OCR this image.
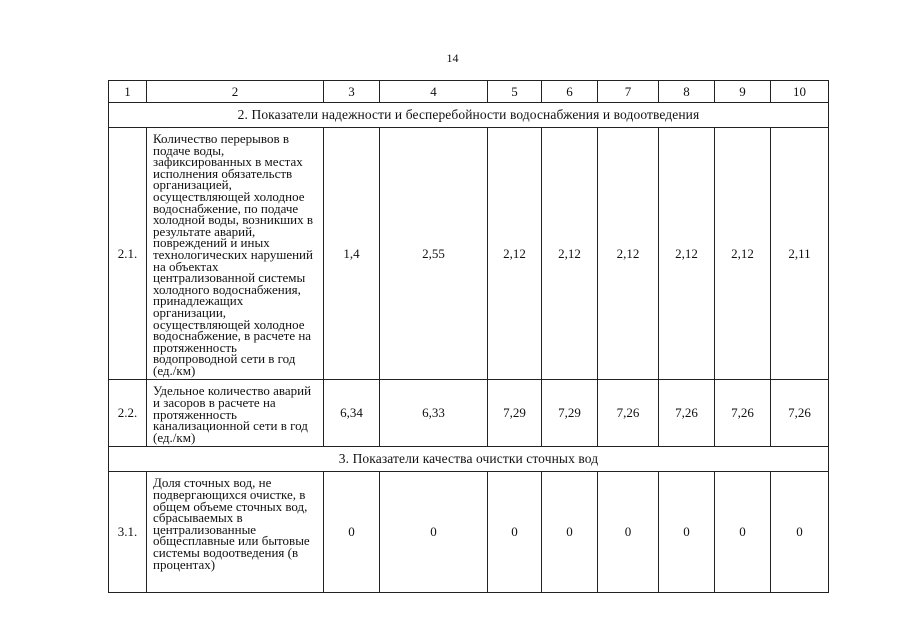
14
1	2	3	4	5	6	7	8	9	10
2. Показатели надежности и бесперебойности водоснабжения и водоотведения									
2.1.	Количество перерывов в подаче воды, зафиксированных в местах исполнения обязательств организацией, осуществляющей холодное водоснабжение, по подаче холодной воды, возникших в результате аварий, повреждений и иных технологических нарушений на объектах централизованной системы холодного водоснабжения, принадлежащих организации, осуществляющей холодное водоснабжение, в расчете на протяженность водопроводной сети в год (ед./км)	1,4	2,55	2,12	2,12	2,12	2,12	2,12	2,11
2.2.	Удельное количество аварий и засоров в расчете на протяженность канализационной сети в год (ед./км)	6,34	6,33	7,29	7,29	7,26	7,26	7,26	7,26
3. Показатели качества очистки сточных вод									
3.1.	Доля сточных вод, не подвергающихся очистке, в общем объеме сточных вод, сбрасываемых в централизованные общесплавные или бытовые системы водоотведения (в процентах)	0	0	0	0	0	0	0	0
